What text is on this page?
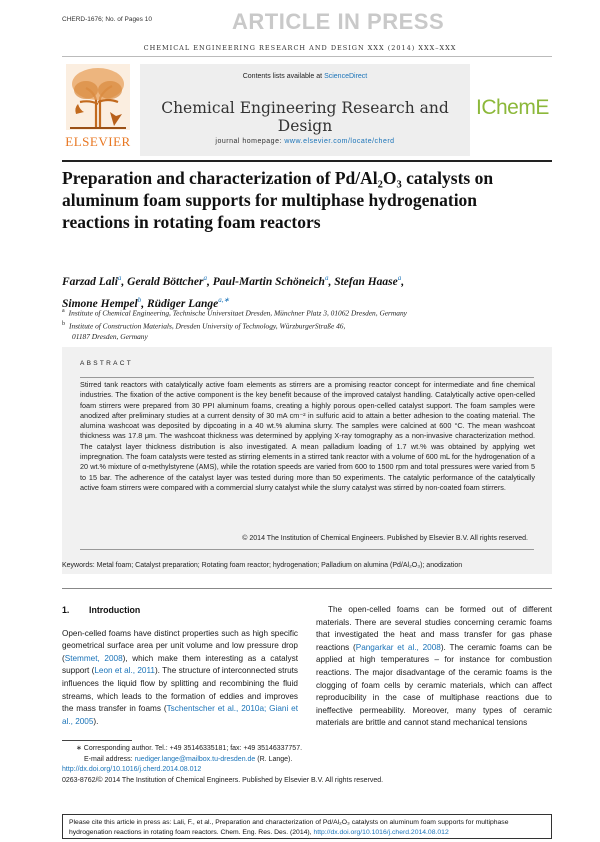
CHERD-1676; No. of Pages 10	ARTICLE IN PRESS
CHEMICAL ENGINEERING RESEARCH AND DESIGN XXX (2014) XXX–XXX
ELSEVIER
Contents lists available at ScienceDirect
Chemical Engineering Research and Design
journal homepage: www.elsevier.com/locate/cherd
IChemE
Preparation and characterization of Pd/Al₂O₃ catalysts on aluminum foam supports for multiphase hydrogenation reactions in rotating foam reactors
Farzad Lali$^a$, Gerald Böttcher$^a$, Paul-Martin Schöneich$^a$, Stefan Haase$^a$,
Simone Hempel$^b$, Rüdiger Lange$^{a,∗}$
$^a$ Institute of Chemical Engineering, Technische Universitaet Dresden, Münchner Platz 3, 01062 Dresden, Germany
$^b$ Institute of Construction Materials, Dresden University of Technology, WürzburgerStraße 46,
01187 Dresden, Germany
ABSTRACT

Stirred tank reactors with catalytically active foam elements as stirrers are a promising reactor concept for intermediate and fine chemical industries. The fixation of the active component is the key benefit because of the improved catalyst handling. Catalytically active open-celled foam stirrers were prepared from 30 PPI aluminum foams, creating a highly porous open-celled catalyst support. The foam samples were anodized after preliminary studies at a current density of 30 mA cm⁻² in sulfuric acid to attain a better adhesion to the coating material. The alumina washcoat was deposited by dipcoating in a 40 wt.% alumina slurry. The samples were calcined at 600 °C. The mean washcoat thickness was 17.8 μm. The washcoat thickness was determined by applying X-ray tomography as a non-invasive characterization method. The catalyst layer thickness distribution is also investigated. A mean palladium loading of 1.7 wt.% was obtained by applying wet impregnation. The foam catalysts were tested as stirring elements in a stirred tank reactor with a volume of 600 mL for the hydrogenation of a 20 wt.% mixture of α-methylstyrene (AMS), while the rotation speeds are varied from 600 to 1500 rpm and total pressures were varied from 5 to 15 bar. The adherence of the catalyst layer was tested during more than 50 experiments. The catalytic performance of the catalytically active foam stirrers were compared with a commercial slurry catalyst while the slurry catalyst was stirred by non-coated foam stirrers.

© 2014 The Institution of Chemical Engineers. Published by Elsevier B.V. All rights reserved.
Keywords: Metal foam; Catalyst preparation; Rotating foam reactor; hydrogenation; Palladium on alumina (Pd/Al₂O₃); anodization
1. Introduction

Open-celled foams have distinct properties such as high specific geometrical surface area per unit volume and low pressure drop (Stemmet, 2008), which make them interesting as a catalyst support (Leon et al., 2011). The structure of interconnected struts influences the liquid flow by splitting and recombining the fluid streams, which leads to the formation of eddies and improves the mass transfer in foams (Tschentscher et al., 2010a; Giani et al., 2005).

The open-celled foams can be formed out of different materials. There are several studies concerning ceramic foams that investigated the heat and mass transfer for gas phase reactions (Pangarkar et al., 2008). The ceramic foams can be applied at high temperatures – for instance for combustion reactions. The major disadvantage of the ceramic foams is the clogging of foam cells by ceramic materials, which can affect reproducibility in the case of multiphase reactions due to ineffective permeability. Moreover, many types of ceramic materials are brittle and cannot stand mechanical tensions

∗ Corresponding author. Tel.: +49 35146335181; fax: +49 35146337757.
E-mail address: ruediger.lange@mailbox.tu-dresden.de (R. Lange).
http://dx.doi.org/10.1016/j.cherd.2014.08.012
0263-8762/© 2014 The Institution of Chemical Engineers. Published by Elsevier B.V. All rights reserved.
Please cite this article in press as: Lali, F., et al., Preparation and characterization of Pd/Al₂O₃ catalysts on aluminum foam supports for multiphase hydrogenation reactions in rotating foam reactors. Chem. Eng. Res. Des. (2014), http://dx.doi.org/10.1016/j.cherd.2014.08.012
